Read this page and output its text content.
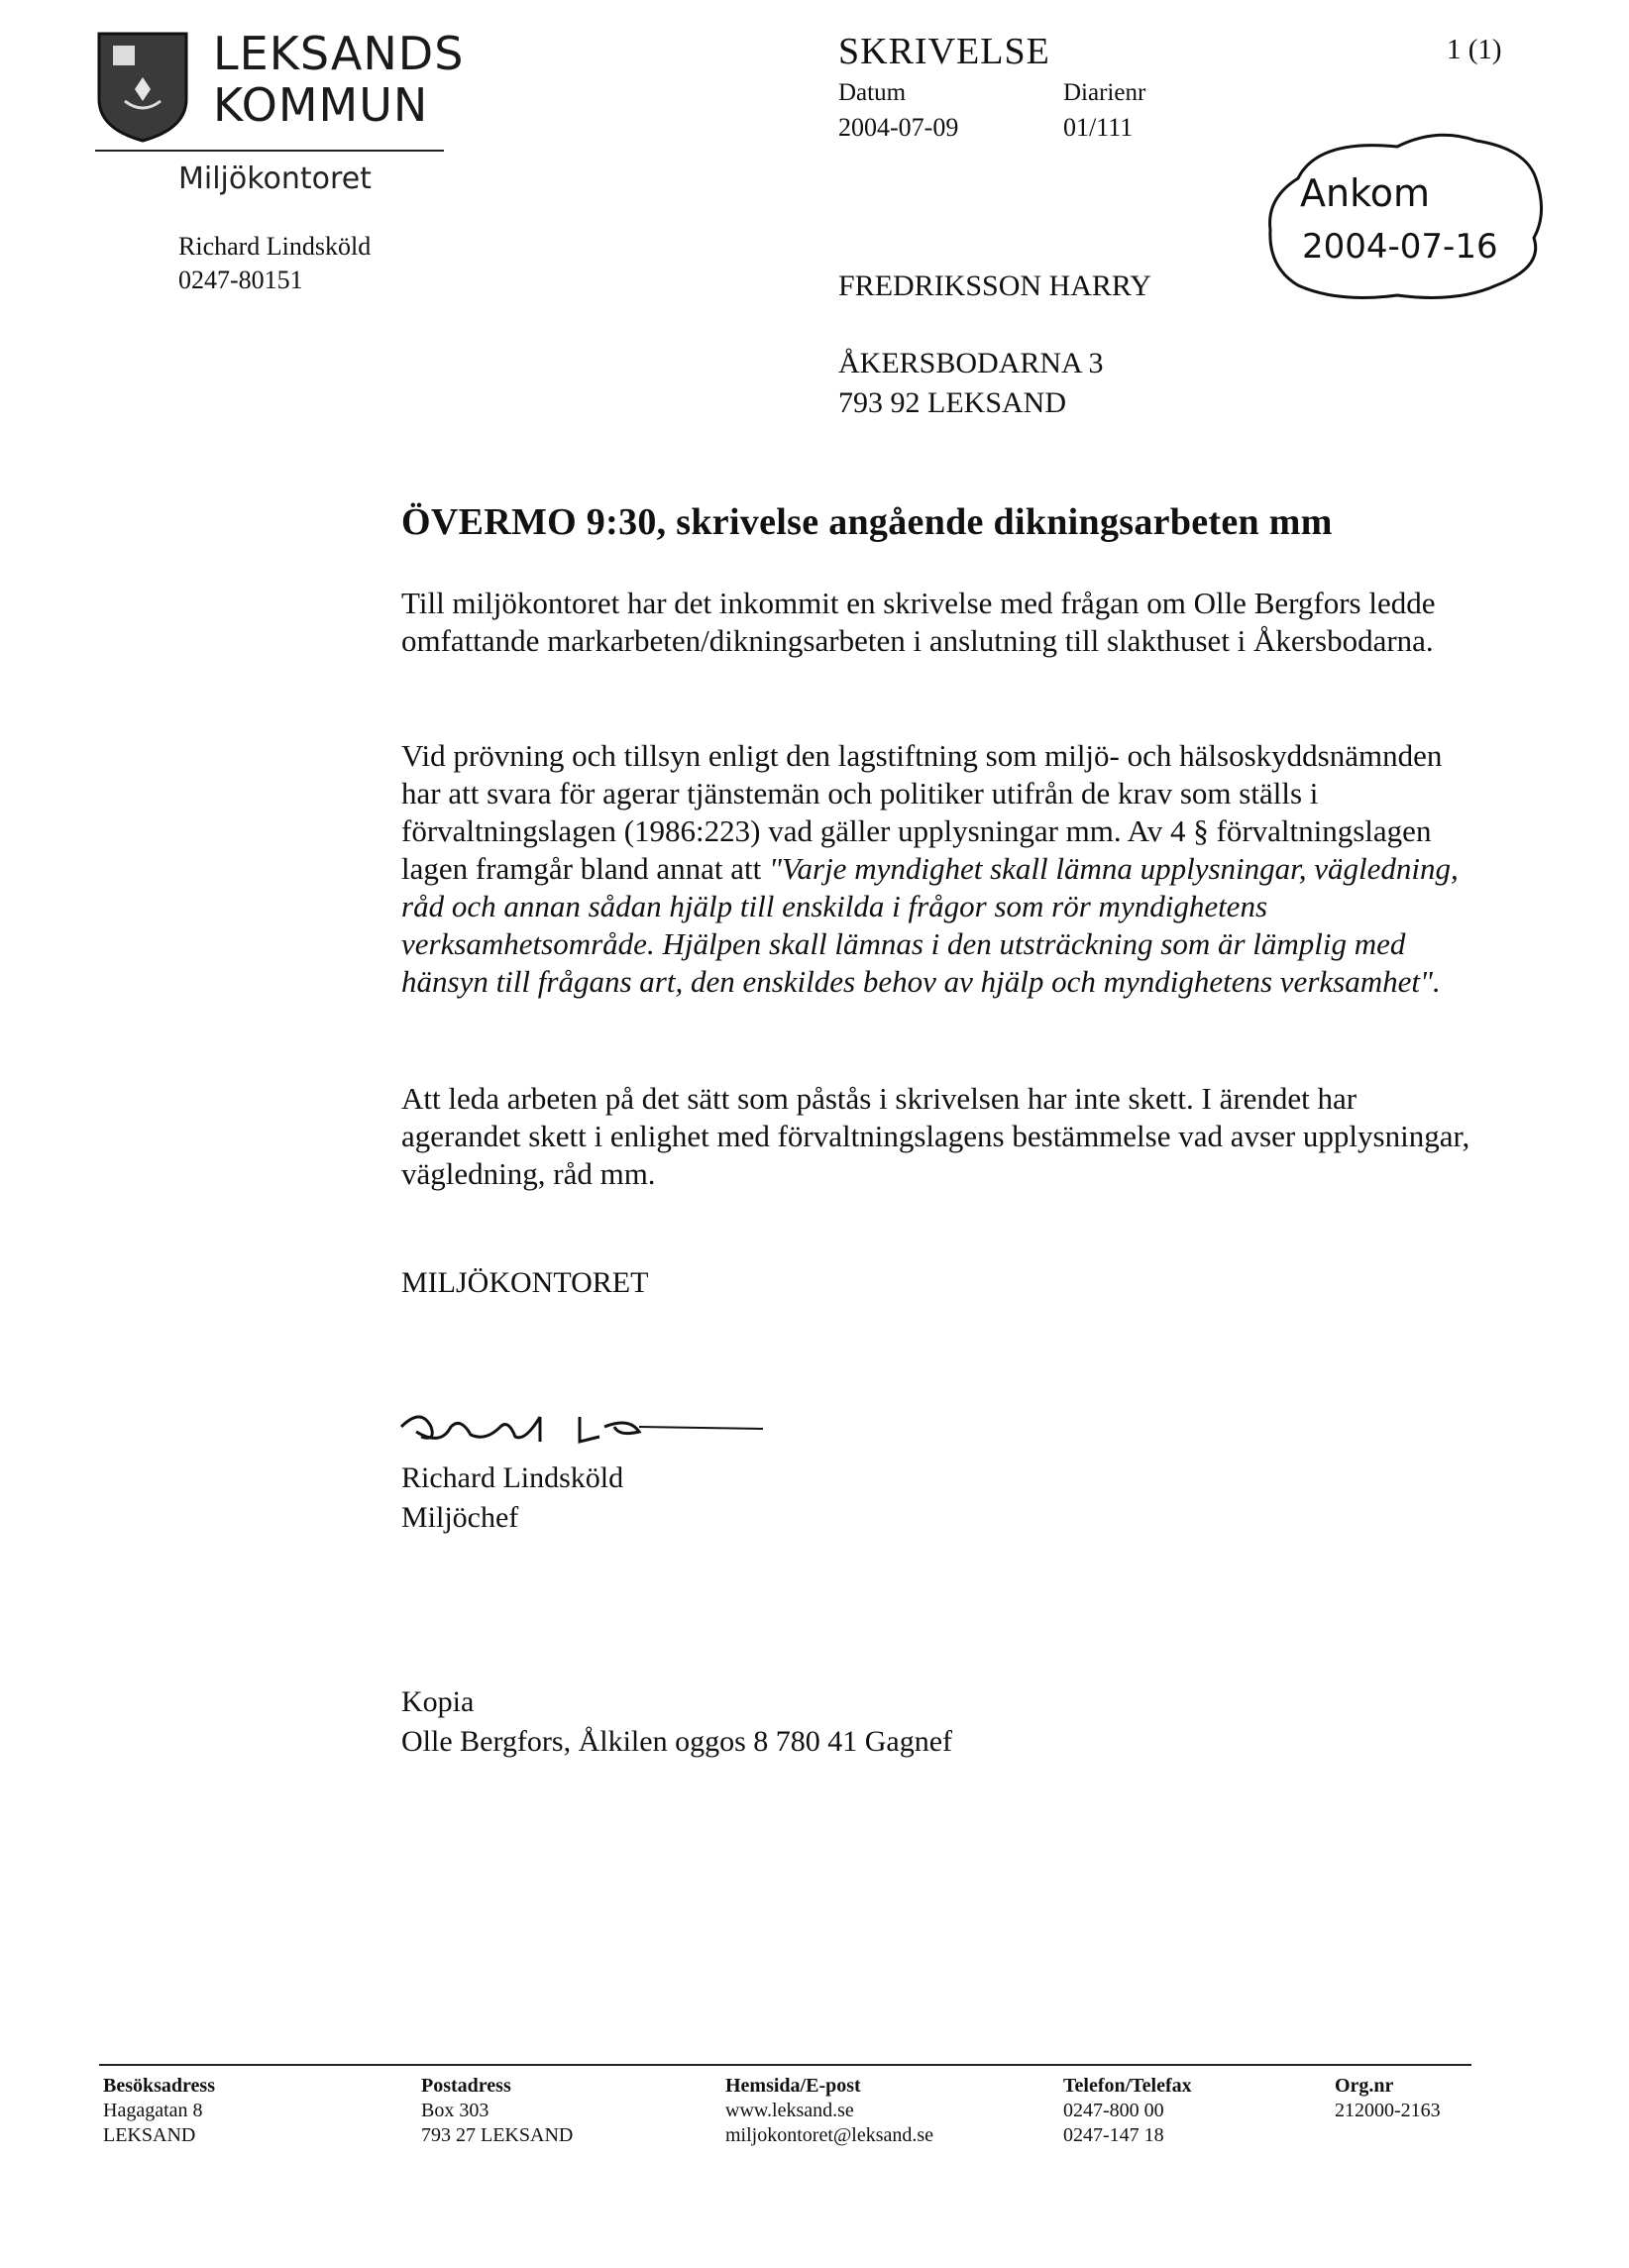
LEKSANDS
KOMMUN
Miljökontoret
Richard Lindsköld
0247-80151
SKRIVELSE	1 (1)
Datum
2004-07-09
Diarienr
01/111
Ankom
2004-07-16
FREDRIKSSON HARRY
ÅKERSBODARNA 3
793 92 LEKSAND
ÖVERMO 9:30, skrivelse angående dikningsarbeten mm

Till miljökontoret har det inkommit en skrivelse med frågan om Olle Bergfors ledde omfattande markarbeten/dikningsarbeten i anslutning till slakthuset i Åkersbodarna.

Vid prövning och tillsyn enligt den lagstiftning som miljö- och hälsoskyddsnämnden har att svara för agerar tjänstemän och politiker utifrån de krav som ställs i förvaltningslagen (1986:223) vad gäller upplysningar mm. Av 4 § förvaltningslagen lagen framgår bland annat att "Varje myndighet skall lämna upplysningar, vägledning, råd och annan sådan hjälp till enskilda i frågor som rör myndighetens verksamhetsområde. Hjälpen skall lämnas i den utsträckning som är lämplig med hänsyn till frågans art, den enskildes behov av hjälp och myndighetens verksamhet".

Att leda arbeten på det sätt som påstås i skrivelsen har inte skett. I ärendet har agerandet skett i enlighet med förvaltningslagens bestämmelse vad avser upplysningar, vägledning, råd mm.

MILJÖKONTORET
Richard Lindsköld
Miljöchef
Kopia
Olle Bergfors, Ålkilen oggos 8 780 41 Gagnef
Besöksadress
Hagagatan 8
LEKSAND
Postadress
Box 303
793 27 LEKSAND
Hemsida/E-post
www.leksand.se
miljokontoret@leksand.se
Telefon/Telefax
0247-800 00
0247-147 18
Org.nr
212000-2163
